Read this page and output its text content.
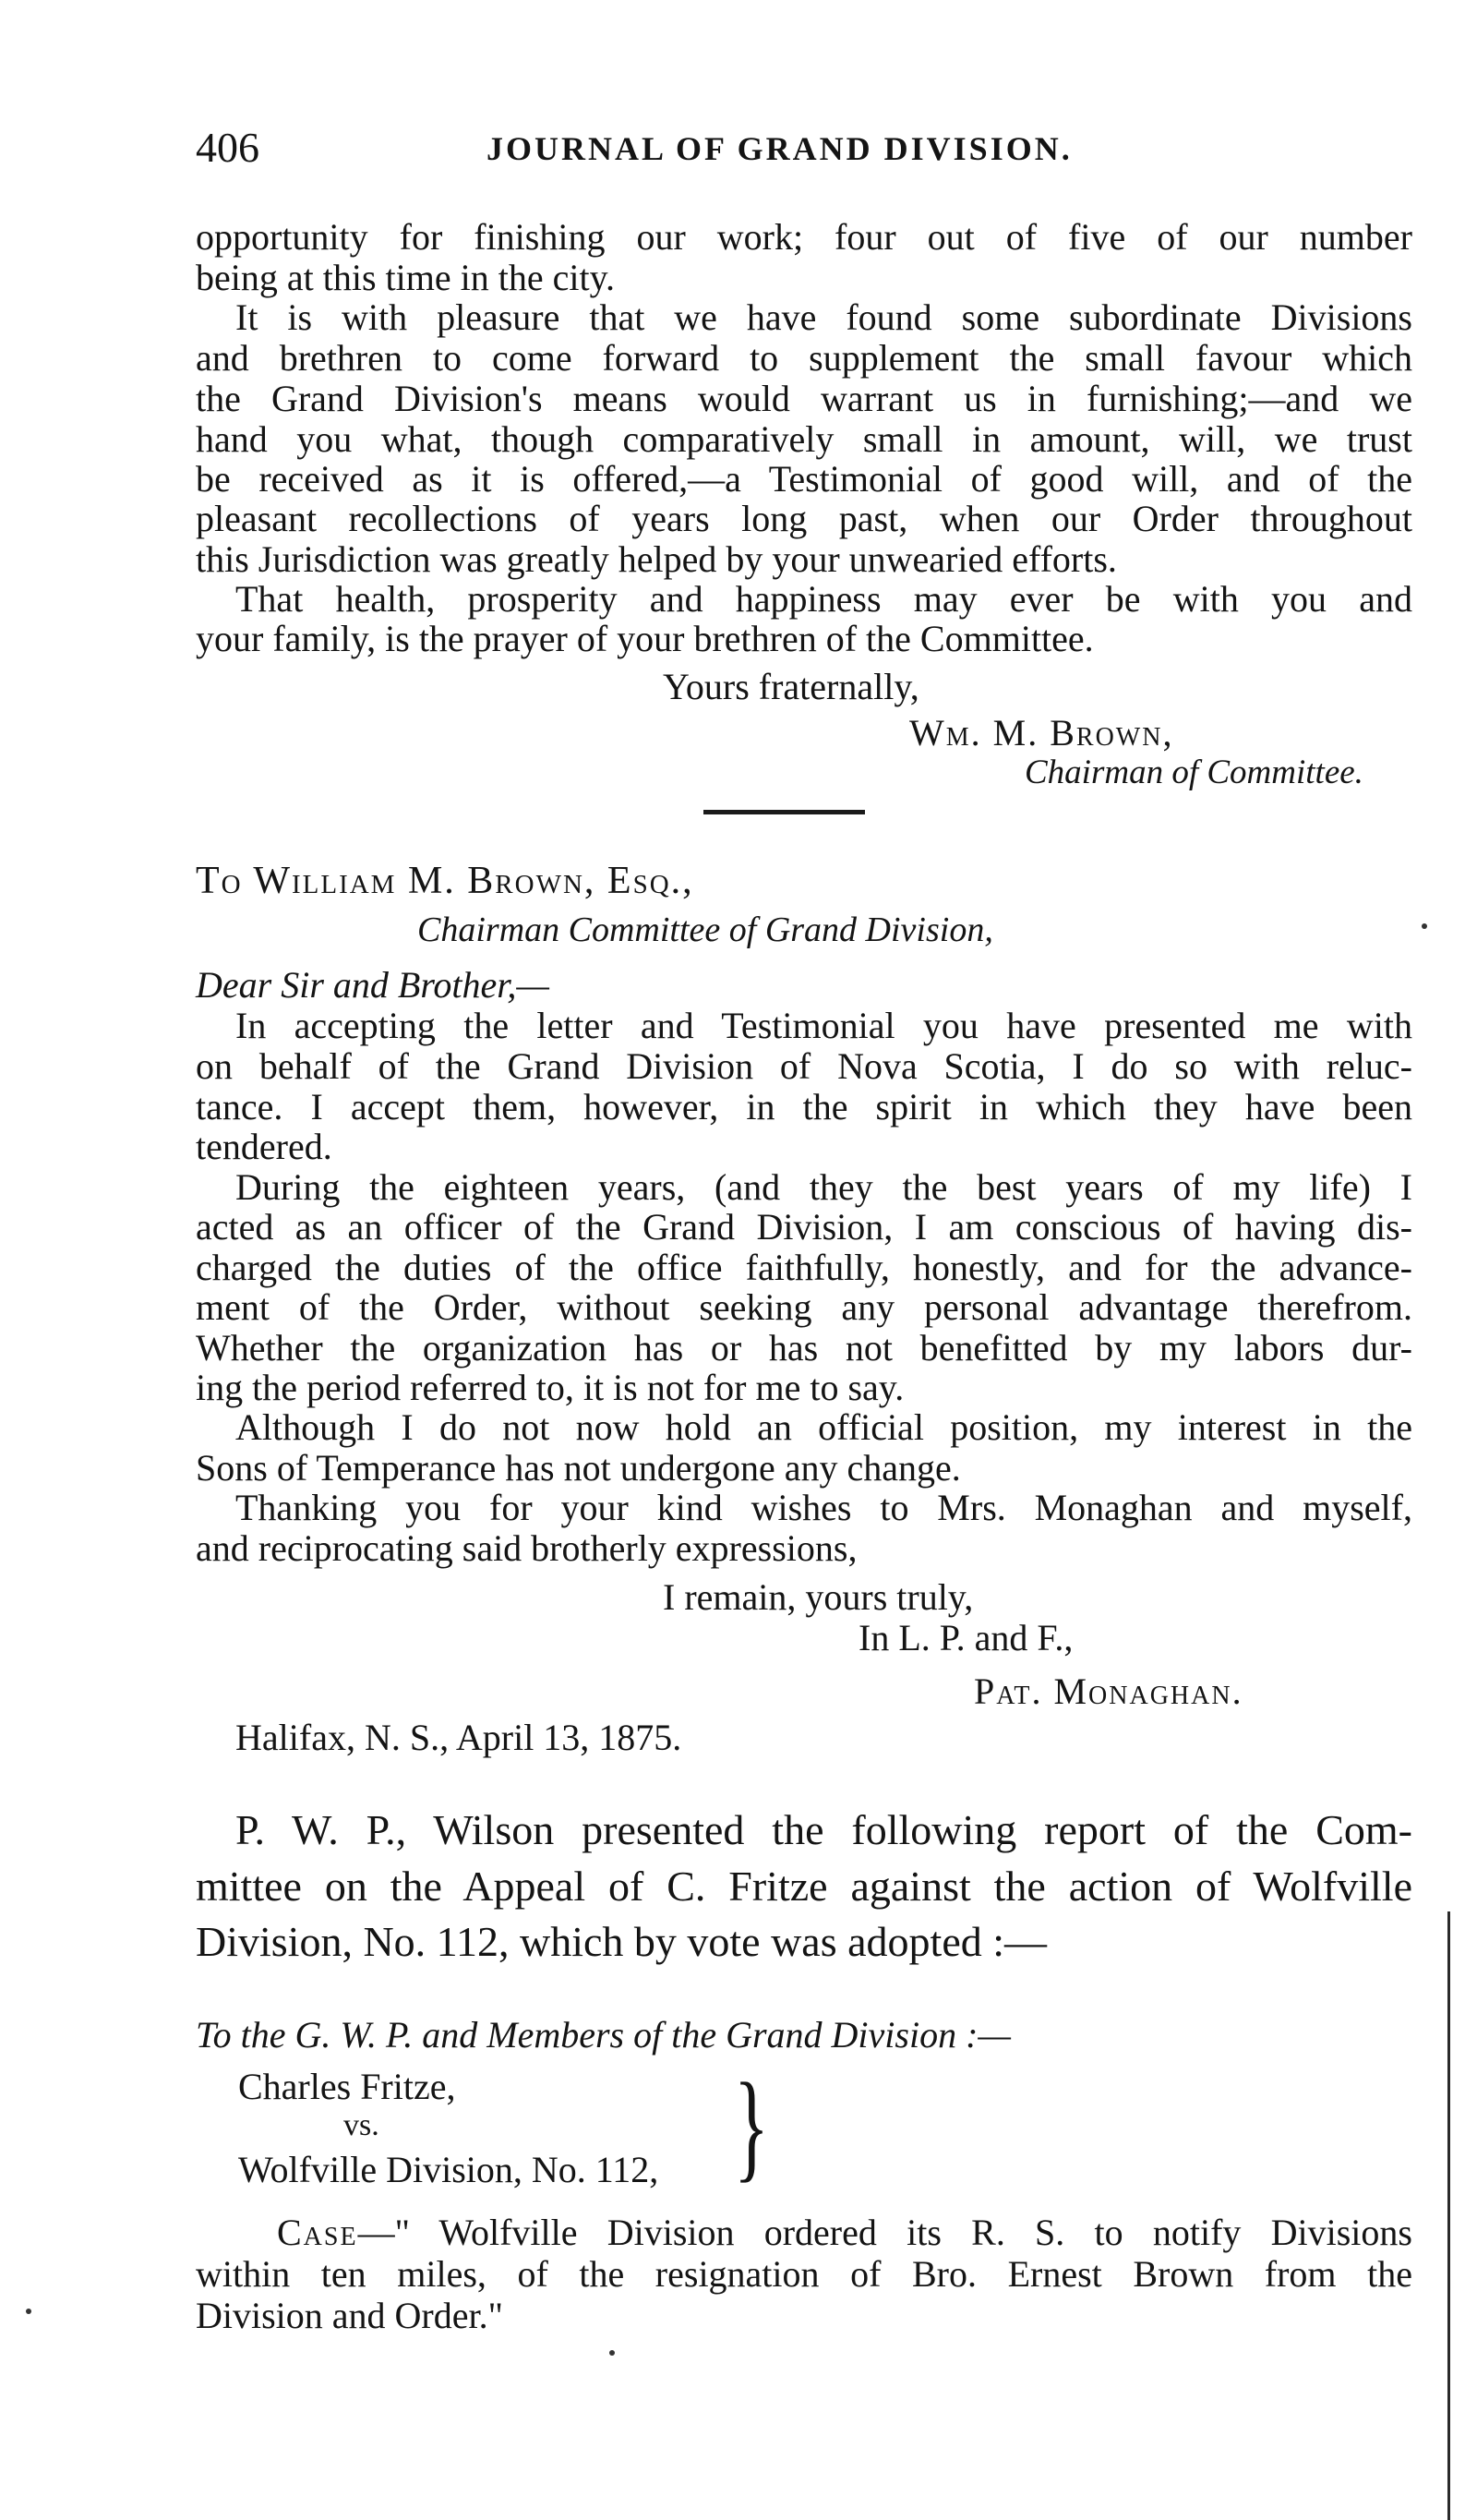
406	JOURNAL OF GRAND DIVISION.
opportunity for finishing our work; four out of five of our number
being at this time in the city.
It is with pleasure that we have found some subordinate Divisions
and brethren to come forward to supplement the small favour which
the Grand Division's means would warrant us in furnishing;—and we
hand you what, though comparatively small in amount, will, we trust
be received as it is offered,—a Testimonial of good will, and of the
pleasant recollections of years long past, when our Order throughout
this Jurisdiction was greatly helped by your unwearied efforts.
That health, prosperity and happiness may ever be with you and
your family, is the prayer of your brethren of the Committee.
Yours fraternally,
Wm. M. Brown,
Chairman of Committee.
To William M. Brown, Esq.,
Chairman Committee of Grand Division,
Dear Sir and Brother,—
In accepting the letter and Testimonial you have presented me with
on behalf of the Grand Division of Nova Scotia, I do so with reluc-
tance. I accept them, however, in the spirit in which they have been
tendered.
During the eighteen years, (and they the best years of my life) I
acted as an officer of the Grand Division, I am conscious of having dis-
charged the duties of the office faithfully, honestly, and for the advance-
ment of the Order, without seeking any personal advantage therefrom.
Whether the organization has or has not benefitted by my labors dur-
ing the period referred to, it is not for me to say.
Although I do not now hold an official position, my interest in the
Sons of Temperance has not undergone any change.
Thanking you for your kind wishes to Mrs. Monaghan and myself,
and reciprocating said brotherly expressions,
I remain, yours truly,
In L. P. and F.,
Pat. Monaghan.
Halifax, N. S., April 13, 1875.
P. W. P., Wilson presented the following report of the Com-
mittee on the Appeal of C. Fritze against the action of Wolfville
Division, No. 112, which by vote was adopted :—
To the G. W. P. and Members of the Grand Division :—
Charles Fritze,
vs.
Wolfville Division, No. 112, }
Case—" Wolfville Division ordered its R. S. to notify Divisions
within ten miles, of the resignation of Bro. Ernest Brown from the
Division and Order."
